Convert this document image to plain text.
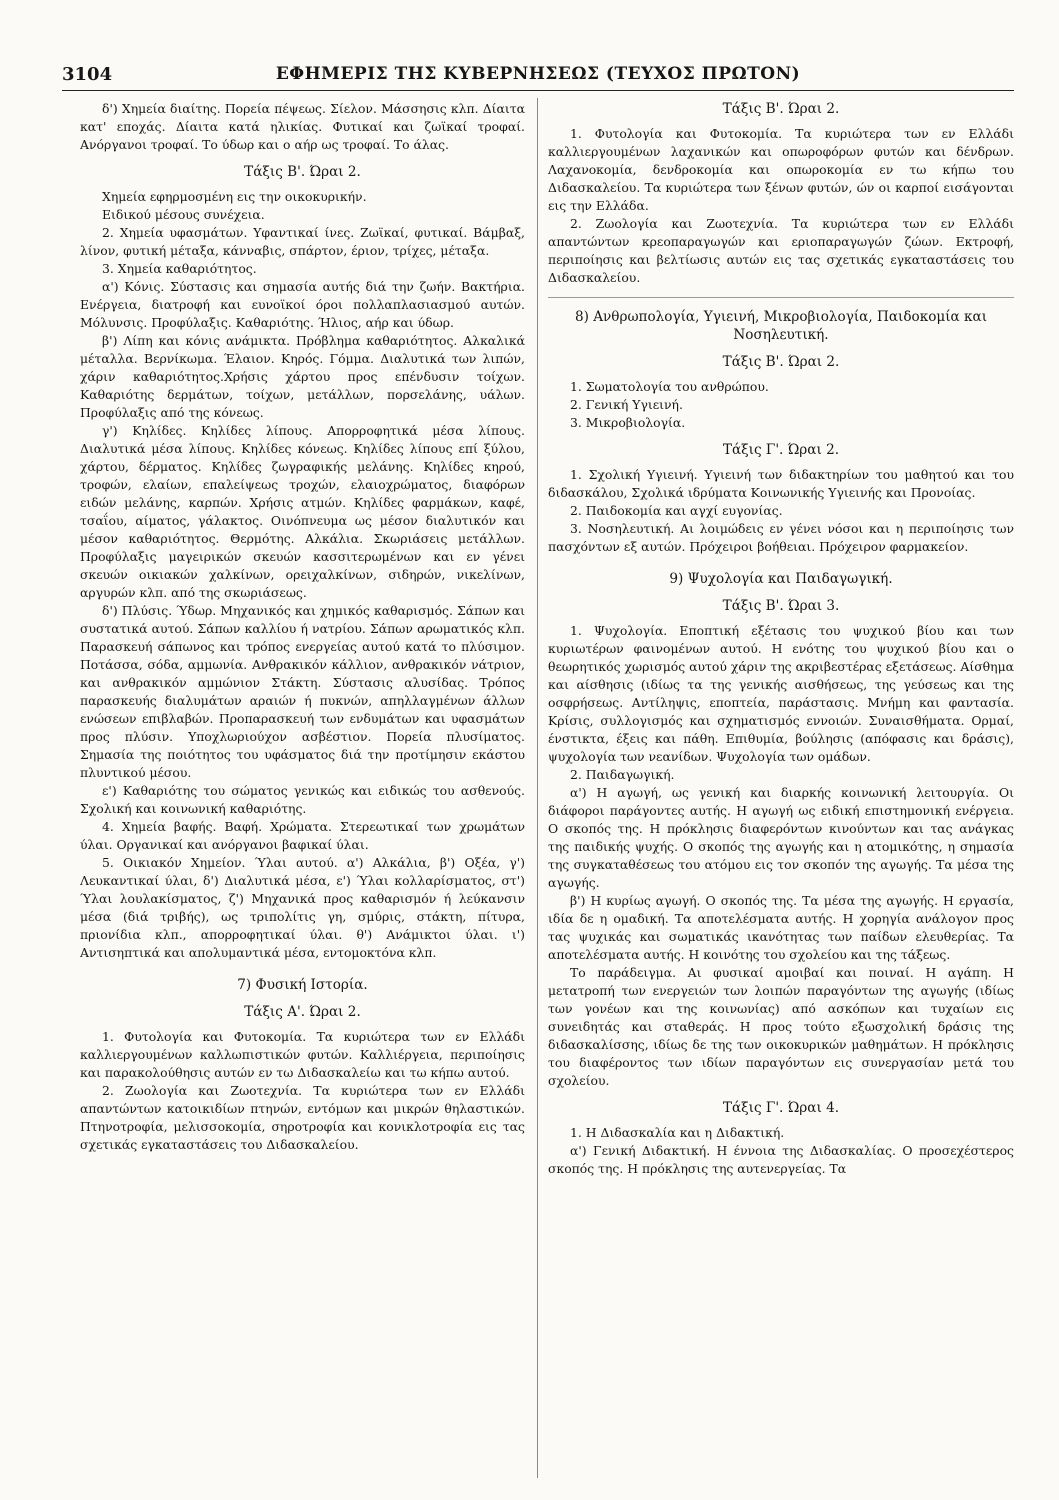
3104	ΕΦΗΜΕΡΙΣ ΤΗΣ ΚΥΒΕΡΝΗΣΕΩΣ (ΤΕΥΧΟΣ ΠΡΩΤΟΝ)

δ') Χημεία διαίτης. Πορεία πέψεως. Σίελον. Μάσσησις κλπ. Δίαιτα κατ' εποχάς. Δίαιτα κατά ηλικίας. Φυτικαί και ζωϊκαί τροφαί. Ανόργανοι τροφαί. Το ύδωρ και ο αήρ ως τροφαί. Το άλας.

Τάξις Β'. Ώραι 2.

Χημεία εφηρμοσμένη εις την οικοκυρικήν.

Ειδικού μέσους συνέχεια.

2. Χημεία υφασμάτων. Υφαντικαί ίνες. Ζωϊκαί, φυτικαί. Βάμβαξ, λίνον, φυτική μέταξα, κάνναβις, σπάρτον, έριον, τρίχες, μέταξα.

3. Χημεία καθαριότητος.

α') Κόνις. Σύστασις και σημασία αυτής διά την ζωήν. Βακτήρια. Ενέργεια, διατροφή και ευνοϊκοί όροι πολλαπλασιασμού αυτών. Μόλυνσις. Προφύλαξις. Καθαριότης. Ήλιος, αήρ και ύδωρ.

β') Λίπη και κόνις ανάμικτα. Πρόβλημα καθαριότητος. Αλκαλικά μέταλλα. Βερνίκωμα. Έλαιον. Κηρός. Γόμμα. Διαλυτικά των λιπών, χάριν καθαριότητος.Χρήσις χάρτου προς επένδυσιν τοίχων. Καθαριότης δερμάτων, τοίχων, μετάλλων, πορσελάνης, υάλων. Προφύλαξις από της κόνεως.

γ') Κηλίδες. Κηλίδες λίπους. Απορροφητικά μέσα λίπους. Διαλυτικά μέσα λίπους. Κηλίδες κόνεως. Κηλίδες λίπους επί ξύλου, χάρτου, δέρματος. Κηλίδες ζωγραφικής μελάνης. Κηλίδες κηρού, τροφών, ελαίων, επαλείψεως τροχών, ελαιοχρώματος, διαφόρων ειδών μελάνης, καρπών. Χρήσις ατμών. Κηλίδες φαρμάκων, καφέ, τσαΐου, αίματος, γάλακτος. Οινόπνευμα ως μέσον διαλυτικόν και μέσον καθαριότητος. Θερμότης. Αλκάλια. Σκωριάσεις μετάλλων. Προφύλαξις μαγειρικών σκευών κασσιτερωμένων και εν γένει σκευών οικιακών χαλκίνων, ορειχαλκίνων, σιδηρών, νικελίνων, αργυρών κλπ. από της σκωριάσεως.

δ') Πλύσις. Ύδωρ. Μηχανικός και χημικός καθαρισμός. Σάπων και συστατικά αυτού. Σάπων καλλίου ή νατρίου. Σάπων αρωματικός κλπ. Παρασκευή σάπωνος και τρόπος ενεργείας αυτού κατά το πλύσιμον. Ποτάσσα, σόδα, αμμωνία. Ανθρακικόν κάλλιον, ανθρακικόν νάτριον, και ανθρακικόν αμμώνιον Στάκτη. Σύστασις αλυσίδας. Τρόπος παρασκευής διαλυμάτων αραιών ή πυκνών, απηλλαγμένων άλλων ενώσεων επιβλαβών. Προπαρασκευή των ενδυμάτων και υφασμάτων προς πλύσιν. Υποχλωριούχον ασβέστιον. Πορεία πλυσίματος. Σημασία της ποιότητος του υφάσματος διά την προτίμησιν εκάστου πλυντικού μέσου.

ε') Καθαριότης του σώματος γενικώς και ειδικώς του ασθενούς. Σχολική και κοινωνική καθαριότης.

4. Χημεία βαφής. Βαφή. Χρώματα. Στερεωτικαί των χρωμάτων ύλαι. Οργανικαί και ανόργανοι βαφικαί ύλαι.

5. Οικιακόν Χημείον. Ύλαι αυτού. α') Αλκάλια, β') Οξέα, γ') Λευκαντικαί ύλαι, δ') Διαλυτικά μέσα, ε') Ύλαι κολλαρίσματος, στ') Ύλαι λουλακίσματος, ζ') Μηχανικά προς καθαρισμόν ή λεύκανσιν μέσα (διά τριβής), ως τριπολίτις γη, σμύρις, στάκτη, πίτυρα, πριονίδια κλπ., απορροφητικαί ύλαι. θ') Ανάμικτοι ύλαι. ι') Αντισηπτικά και απολυμαντικά μέσα, εντομοκτόνα κλπ.

7) Φυσική Ιστορία.
Τάξις Α'. Ώραι 2.

1. Φυτολογία και Φυτοκομία. Τα κυριώτερα των εν Ελλάδι καλλιεργουμένων καλλωπιστικών φυτών. Καλλιέργεια, περιποίησις και παρακολούθησις αυτών εν τω Διδασκαλείω και τω κήπω αυτού.

2. Ζωολογία και Ζωοτεχνία. Τα κυριώτερα των εν Ελλάδι απαντώντων κατοικιδίων πτηνών, εντόμων και μικρών θηλαστικών. Πτηνοτροφία, μελισσοκομία, σηροτροφία και κονικλοτροφία εις τας σχετικάς εγκαταστάσεις του Διδασκαλείου.

Τάξις Β'. Ώραι 2.

1. Φυτολογία και Φυτοκομία. Τα κυριώτερα των εν Ελλάδι καλλιεργουμένων λαχανικών και οπωροφόρων φυτών και δένδρων. Λαχανοκομία, δενδροκομία και οπωροκομία εν τω κήπω του Διδασκαλείου. Τα κυριώτερα των ξένων φυτών, ών οι καρποί εισάγονται εις την Ελλάδα.

2. Ζωολογία και Ζωοτεχνία. Τα κυριώτερα των εν Ελλάδι απαντώντων κρεοπαραγωγών και εριοπαραγωγών ζώων. Εκτροφή, περιποίησις και βελτίωσις αυτών εις τας σχετικάς εγκαταστάσεις του Διδασκαλείου.

8) Ανθρωπολογία, Υγιεινή, Μικροβιολογία, Παιδοκομία και Νοσηλευτική.
Τάξις Β'. Ώραι 2.

1. Σωματολογία του ανθρώπου.

2. Γενική Υγιεινή.

3. Μικροβιολογία.

Τάξις Γ'. Ώραι 2.

1. Σχολική Υγιεινή. Υγιεινή των διδακτηρίων του μαθητού και του διδασκάλου, Σχολικά ιδρύματα Κοινωνικής Υγιεινής και Προνοίας.

2. Παιδοκομία και αγχί ευγονίας.

3. Νοσηλευτική. Αι λοιμώδεις εν γένει νόσοι και η περιποίησις των πασχόντων εξ αυτών. Πρόχειροι βοήθειαι. Πρόχειρον φαρμακείον.

9) Ψυχολογία και Παιδαγωγική.
Τάξις Β'. Ώραι 3.

1. Ψυχολογία. Εποπτική εξέτασις του ψυχικού βίου και των κυριωτέρων φαινομένων αυτού. Η ενότης του ψυχικού βίου και ο θεωρητικός χωρισμός αυτού χάριν της ακριβεστέρας εξετάσεως. Αίσθημα και αίσθησις (ιδίως τα της γενικής αισθήσεως, της γεύσεως και της οσφρήσεως. Αντίληψις, εποπτεία, παράστασις. Μνήμη και φαντασία. Κρίσις, συλλογισμός και σχηματισμός εννοιών. Συναισθήματα. Ορμαί, ένστικτα, έξεις και πάθη. Επιθυμία, βούλησις (απόφασις και δράσις), ψυχολογία των νεανίδων. Ψυχολογία των ομάδων.

2. Παιδαγωγική.

α') Η αγωγή, ως γενική και διαρκής κοινωνική λειτουργία. Οι διάφοροι παράγοντες αυτής. Η αγωγή ως ειδική επιστημονική ενέργεια. Ο σκοπός της. Η πρόκλησις διαφερόντων κινούντων και τας ανάγκας της παιδικής ψυχής. Ο σκοπός της αγωγής και η ατομικότης, η σημασία της συγκαταθέσεως του ατόμου εις τον σκοπόν της αγωγής. Τα μέσα της αγωγής.

β') Η κυρίως αγωγή. Ο σκοπός της. Τα μέσα της αγωγής. Η εργασία, ιδία δε η ομαδική. Τα αποτελέσματα αυτής. Η χορηγία ανάλογον προς τας ψυχικάς και σωματικάς ικανότητας των παίδων ελευθερίας. Τα αποτελέσματα αυτής. Η κοινότης του σχολείου και της τάξεως.

Το παράδειγμα. Αι φυσικαί αμοιβαί και ποιναί. Η αγάπη. Η μετατροπή των ενεργειών των λοιπών παραγόντων της αγωγής (ιδίως των γονέων και της κοινωνίας) από ασκόπων και τυχαίων εις συνειδητάς και σταθεράς. Η προς τούτο εξωσχολική δράσις της διδασκαλίσσης, ιδίως δε της των οικοκυρικών μαθημάτων. Η πρόκλησις του διαφέροντος των ιδίων παραγόντων εις συνεργασίαν μετά του σχολείου.

Τάξις Γ'. Ώραι 4.

1. Η Διδασκαλία και η Διδακτική.

α') Γενική Διδακτική. Η έννοια της Διδασκαλίας. Ο προσεχέστερος σκοπός της. Η πρόκλησις της αυτενεργείας. Τα
